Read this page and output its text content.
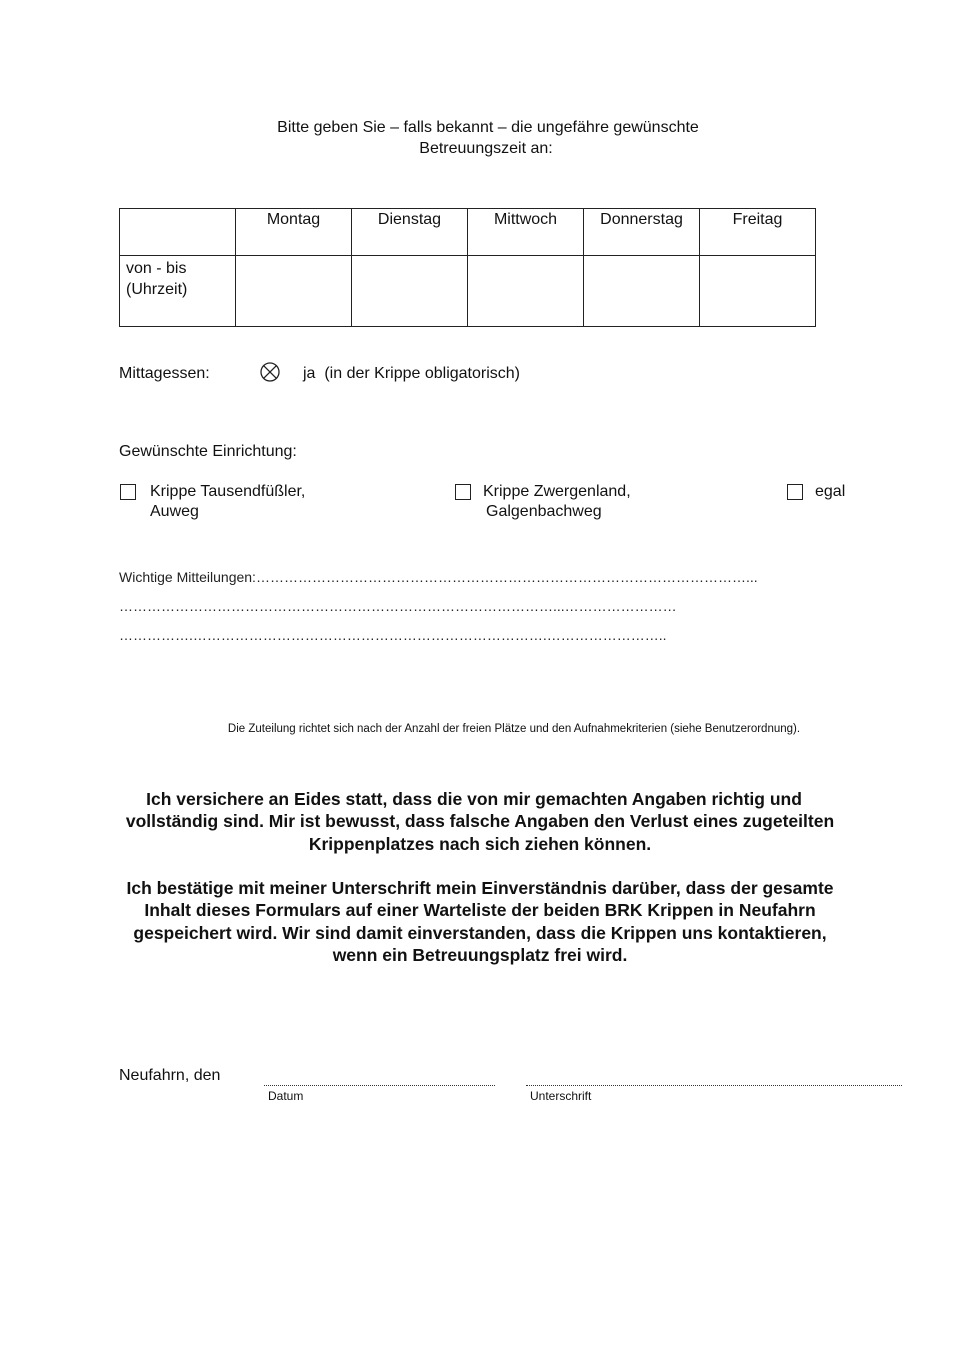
Bitte geben Sie – falls bekannt – die ungefähre gewünschte
Betreuungszeit an:
	Montag	Dienstag	Mittwoch	Donnerstag	Freitag

von - bis
(Uhrzeit)					

Mittagessen:	ja  (in der Krippe obligatorisch)
Gewünschte Einrichtung:
Krippe Tausendfüßler,
Auweg
Krippe Zwergenland,
Galgenbachweg
egal
Wichtige Mitteilungen:……………………………………………………………………………………………...
…………………………………………………………………………………...……………………
…………….………………………………………………………………….……………………..
Die Zuteilung richtet sich nach der Anzahl der freien Plätze und den Aufnahmekriterien (siehe Benutzerordnung).
Ich versichere an Eides statt, dass die von mir gemachten Angaben richtig und
vollständig sind. Mir ist bewusst, dass falsche Angaben den Verlust eines zugeteilten
Krippenplatzes nach sich ziehen können.
Ich bestätige mit meiner Unterschrift mein Einverständnis darüber, dass der gesamte
Inhalt dieses Formulars auf einer Warteliste der beiden BRK Krippen in Neufahrn
gespeichert wird. Wir sind damit einverstanden, dass die Krippen uns kontaktieren,
wenn ein Betreuungsplatz frei wird.
Neufahrn, den
Datum	Unterschrift
